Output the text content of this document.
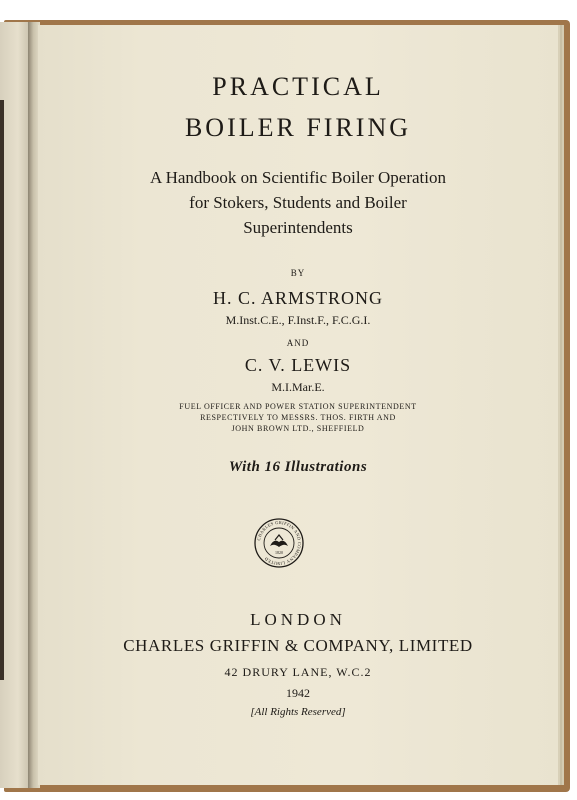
PRACTICAL
BOILER FIRING
A Handbook on Scientific Boiler Operation
for Stokers, Students and Boiler
Superintendents
BY
H. C. ARMSTRONG
M.Inst.C.E., F.Inst.F., F.C.G.I.
AND
C. V. LEWIS
M.I.Mar.E.
FUEL OFFICER AND POWER STATION SUPERINTENDENT
RESPECTIVELY TO MESSRS. THOS. FIRTH AND
JOHN BROWN LTD., SHEFFIELD
With 16 Illustrations
CHARLES GRIFFIN AND COMPANY LIMITED
1820
LONDON
CHARLES GRIFFIN & COMPANY, LIMITED
42 DRURY LANE, W.C.2
1942
[All Rights Reserved]
